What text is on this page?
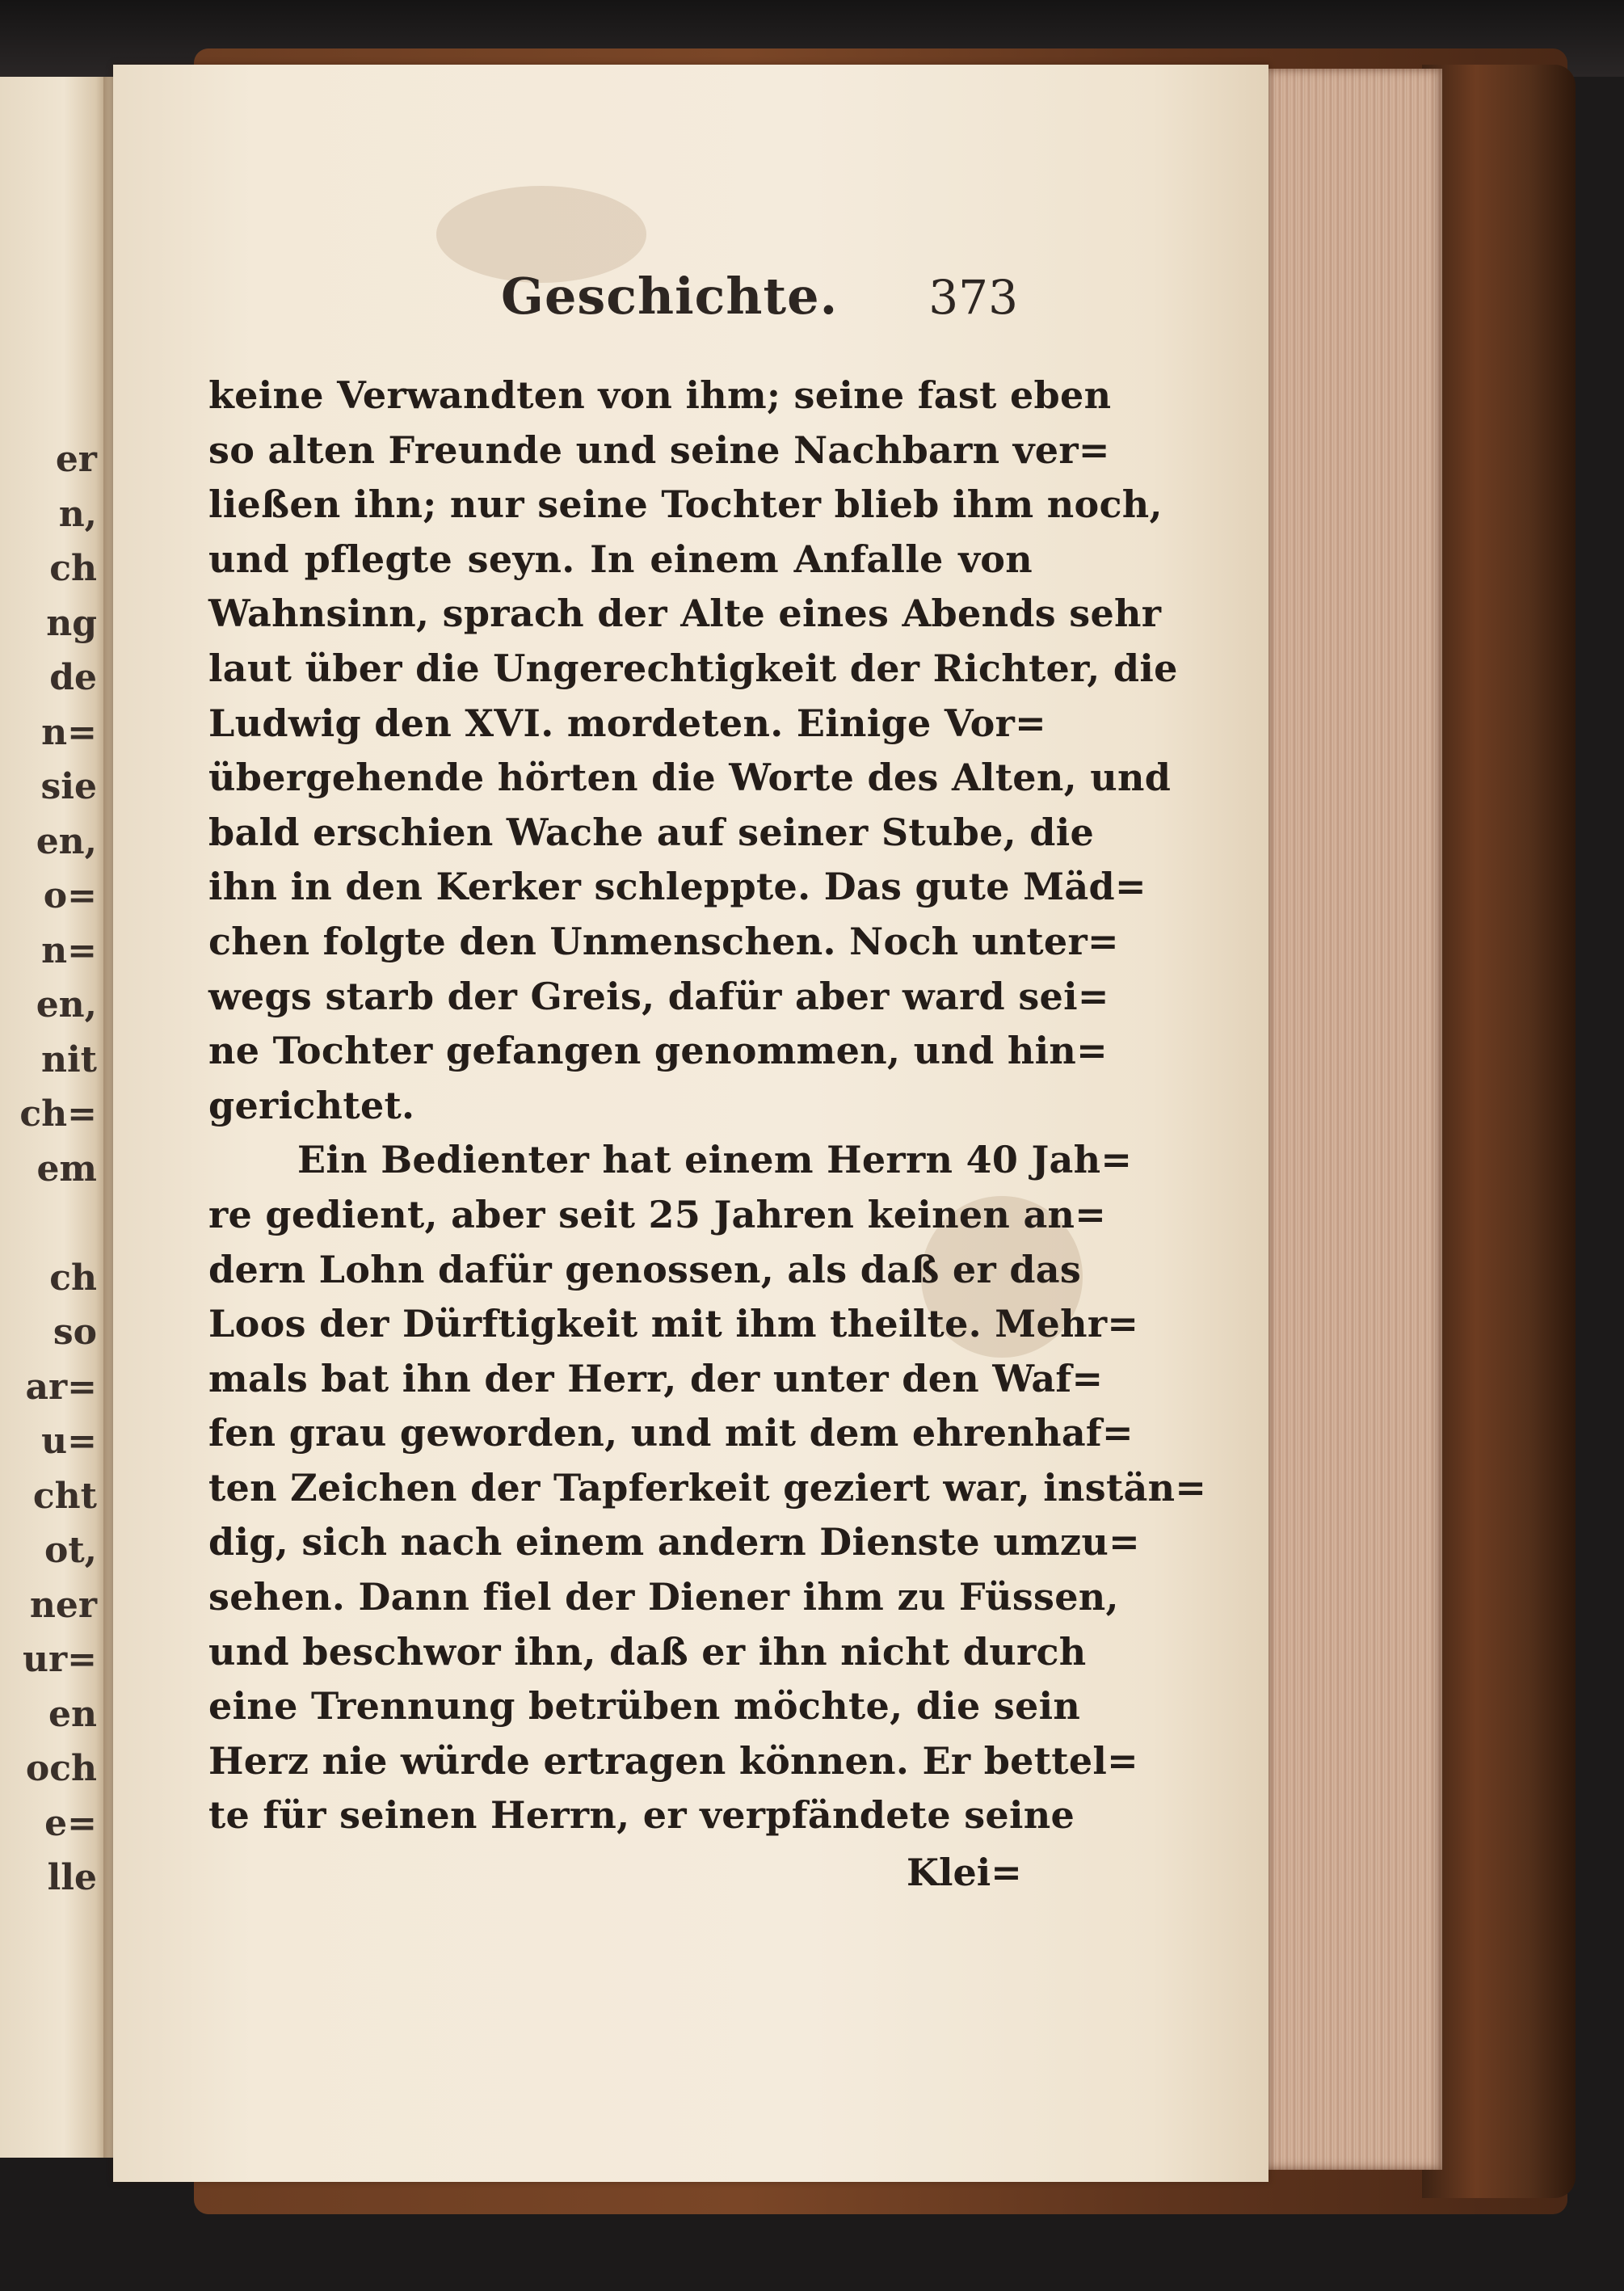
er
n,
ch
ng
de
n=
sie
en,
o=
n=
en,
nit
ch=
em
ch
so
ar=
u=
cht
ot,
ner
ur=
en
och
e=
lle
Geschichte. 373
keine Verwandten von ihm; seine fast eben
so alten Freunde und seine Nachbarn ver=
ließen ihn; nur seine Tochter blieb ihm noch,
und pflegte seyn. In einem Anfalle von
Wahnsinn, sprach der Alte eines Abends sehr
laut über die Ungerechtigkeit der Richter, die
Ludwig den XVI. mordeten. Einige Vor=
übergehende hörten die Worte des Alten, und
bald erschien Wache auf seiner Stube, die
ihn in den Kerker schleppte. Das gute Mäd=
chen folgte den Unmenschen. Noch unter=
wegs starb der Greis, dafür aber ward sei=
ne Tochter gefangen genommen, und hin=
gerichtet.
Ein Bedienter hat einem Herrn 40 Jah=
re gedient, aber seit 25 Jahren keinen an=
dern Lohn dafür genossen, als daß er das
Loos der Dürftigkeit mit ihm theilte. Mehr=
mals bat ihn der Herr, der unter den Waf=
fen grau geworden, und mit dem ehrenhaf=
ten Zeichen der Tapferkeit geziert war, instän=
dig, sich nach einem andern Dienste umzu=
sehen. Dann fiel der Diener ihm zu Füssen,
und beschwor ihn, daß er ihn nicht durch
eine Trennung betrüben möchte, die sein
Herz nie würde ertragen können. Er bettel=
te für seinen Herrn, er verpfändete seine
Klei=
